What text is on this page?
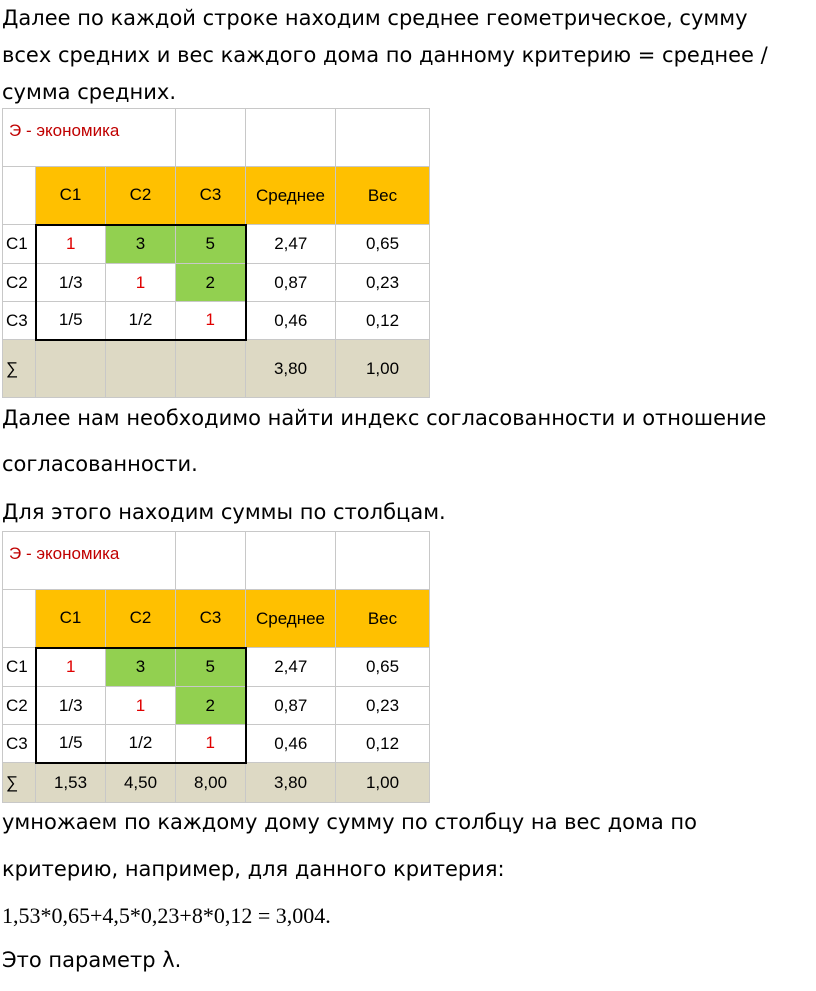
Далее по каждой строке находим среднее геометрическое, сумму
всех средних и вес каждого дома по данному критерию = среднее /
сумма средних.
Э - экономика					
	C1	C2	C3	Среднее	Вес
C1	1	3	5	2,47	0,65
C2	1/3	1	2	0,87	0,23
C3	1/5	1/2	1	0,46	0,12
∑				3,80	1,00
Далее нам необходимо найти индекс согласованности и отношение
согласованности.
Для этого находим суммы по столбцам.
Э - экономика					
	C1	C2	C3	Среднее	Вес
C1	1	3	5	2,47	0,65
C2	1/3	1	2	0,87	0,23
C3	1/5	1/2	1	0,46	0,12
∑	1,53	4,50	8,00	3,80	1,00
умножаем по каждому дому сумму по столбцу на вес дома по
критерию, например, для данного критерия:
1,53*0,65+4,5*0,23+8*0,12 = 3,004.
Это параметр λ.
